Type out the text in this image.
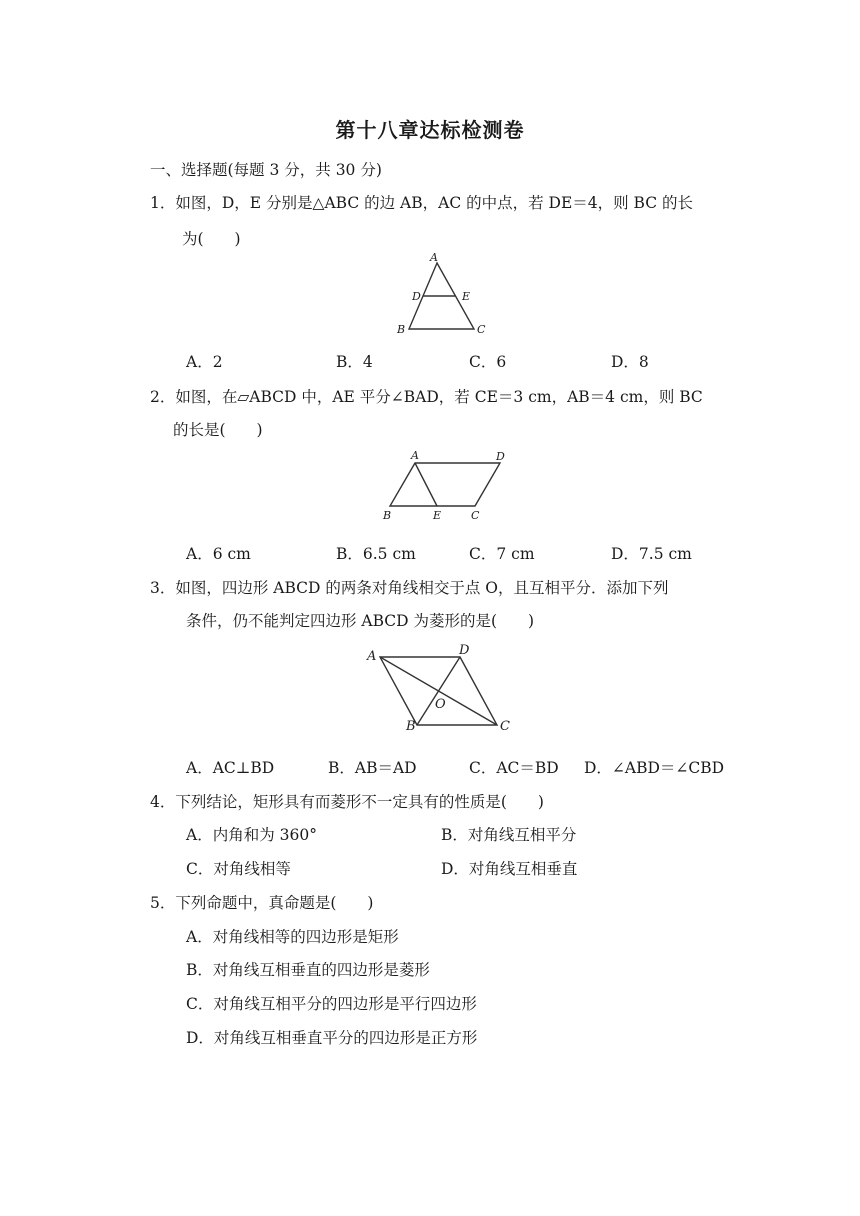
第十八章达标检测卷
一、选择题(每题 3 分，共 30 分)
1．如图，D，E 分别是△ABC 的边 AB，AC 的中点，若 DE＝4，则 BC 的长
为(　　)
A
D	E
B	C
A．2	B．4	C．6	D．8
2．如图，在▱ABCD 中，AE 平分∠BAD，若 CE＝3 cm，AB＝4 cm，则 BC
的长是(　　)
A	D
B	E	C
A．6 cm	B．6.5 cm	C．7 cm	D．7.5 cm
3．如图，四边形 ABCD 的两条对角线相交于点 O，且互相平分．添加下列
条件，仍不能判定四边形 ABCD 为菱形的是(　　)
A	D
O
B	C
A．AC⊥BD	B．AB＝AD	C．AC＝BD D．∠ABD＝∠CBD
4．下列结论，矩形具有而菱形不一定具有的性质是(　　)
A．内角和为 360°	B．对角线互相平分
C．对角线相等	D．对角线互相垂直
5．下列命题中，真命题是(　　)
A．对角线相等的四边形是矩形
B．对角线互相垂直的四边形是菱形
C．对角线互相平分的四边形是平行四边形
D．对角线互相垂直平分的四边形是正方形
